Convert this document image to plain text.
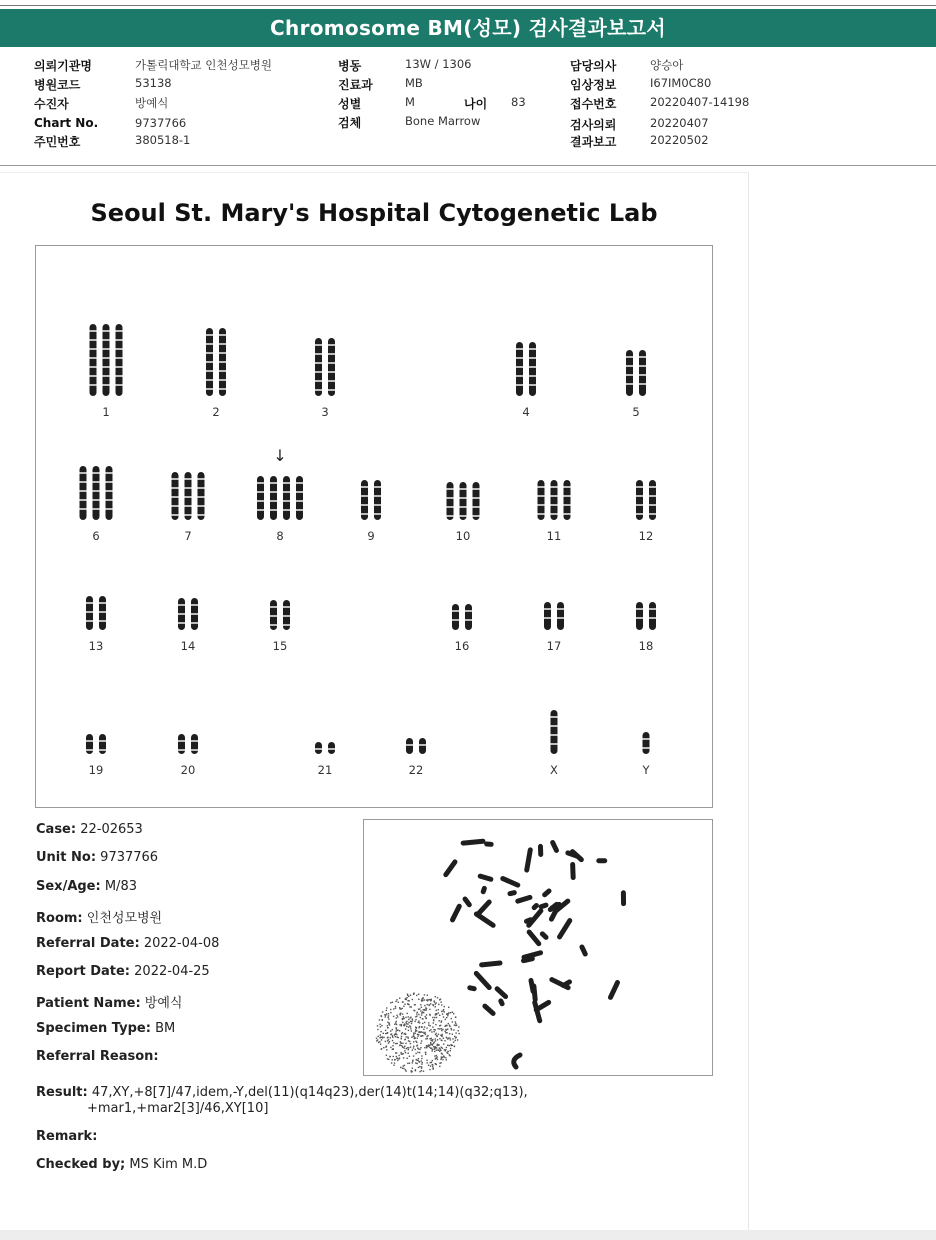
Chromosome BM(성모) 검사결과보고서
의뢰기관명	가톨릭대학교 인천성모병원
병원코드	53138
수진자	방예식
Chart No.	9737766
주민번호	380518-1
병동	13W / 1306
진료과	MB
성별	M	나이 83
검체	Bone Marrow
담당의사	양승아
임상정보	I67IM0C80
접수번호	20220407-14198
검사의뢰	20220407
결과보고	20220502
Seoul St. Mary's Hospital Cytogenetic Lab
1	2	3	4	5
6	7	8	9	10	11	12
13	14	15	16	17	18
19	20	21	22	X	Y
↓
Case: 22-02653
Unit No: 9737766
Sex/Age: M/83
Room: 인천성모병원
Referral Date: 2022-04-08
Report Date: 2022-04-25
Patient Name: 방예식
Specimen Type: BM
Referral Reason:
Result: 47,XY,+8[7]/47,idem,-Y,del(11)(q14q23),der(14)t(14;14)(q32;q13),
+mar1,+mar2[3]/46,XY[10]
Remark:
Checked by; MS Kim M.D
